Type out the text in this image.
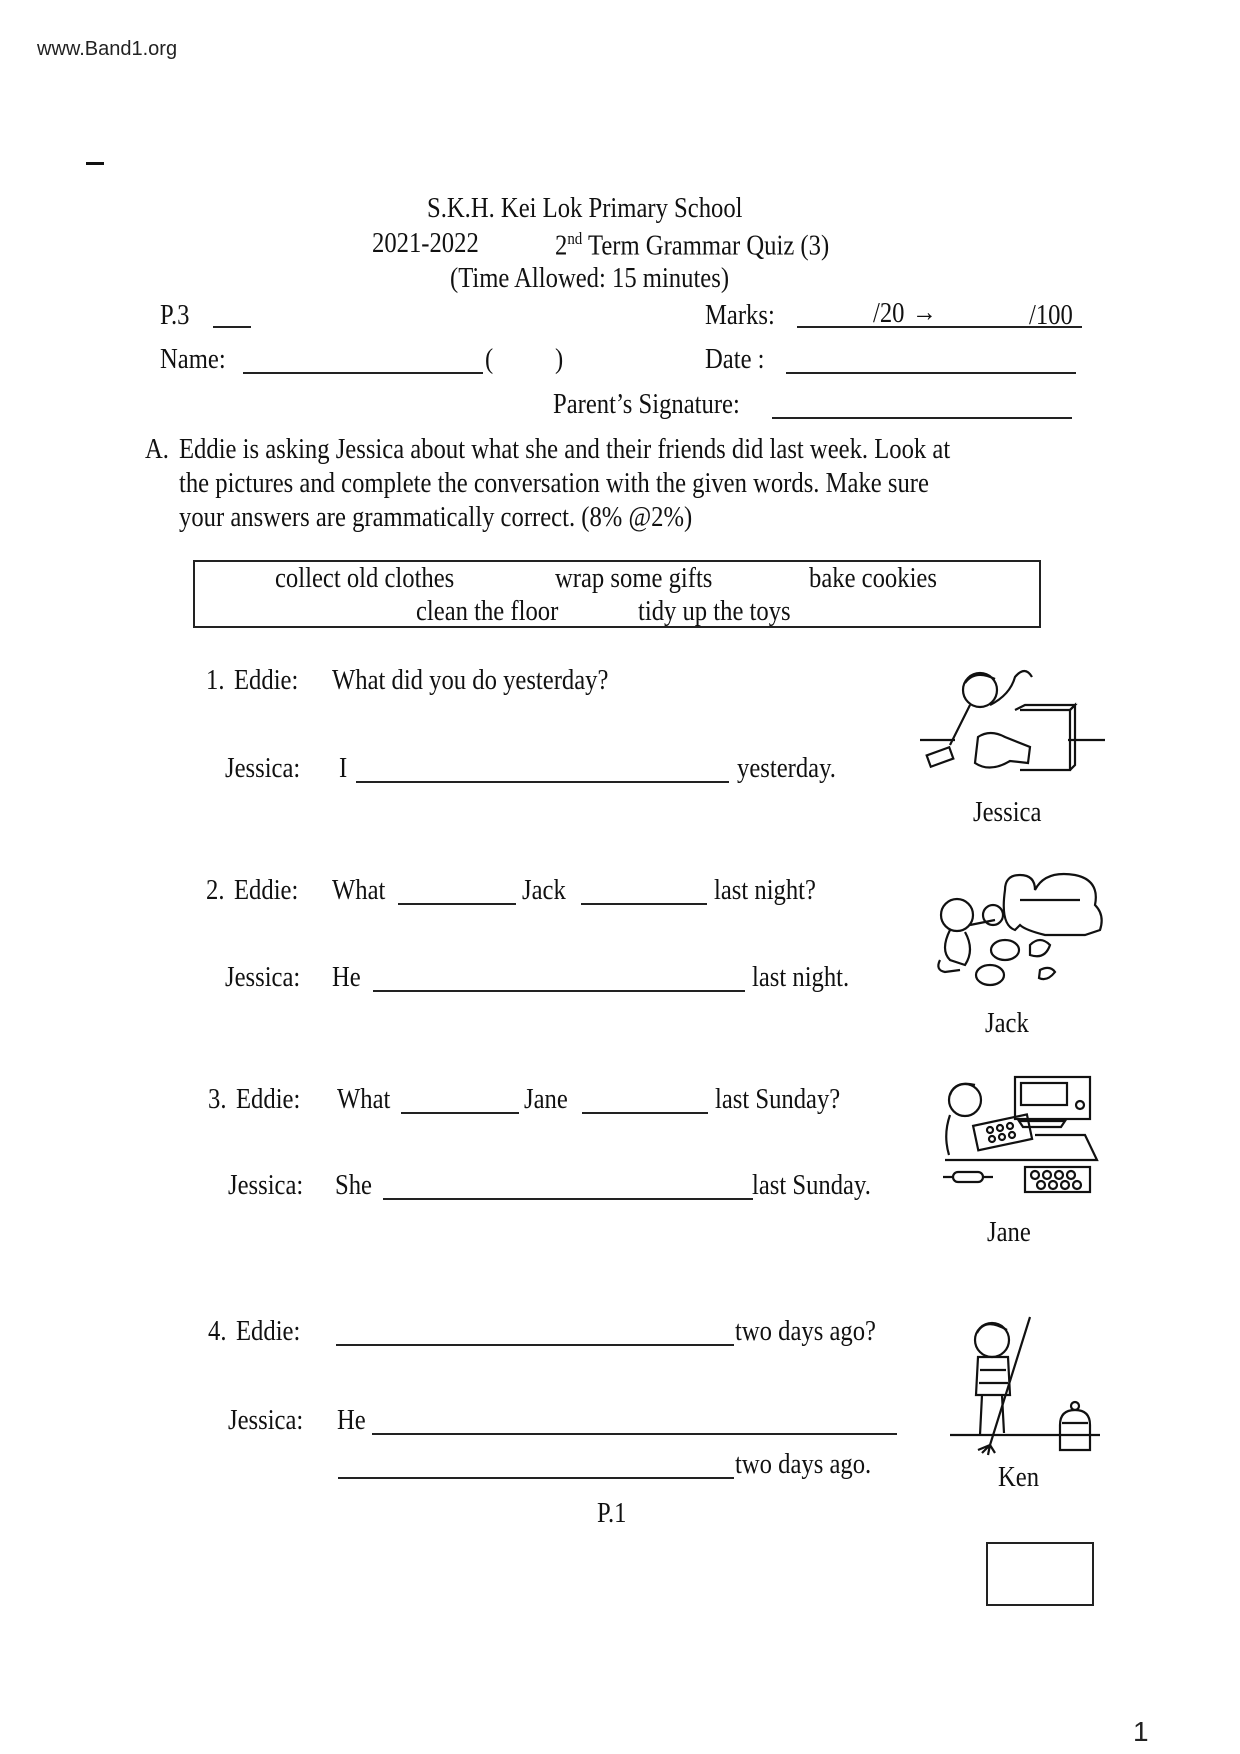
www.Band1.org
S.K.H. Kei Lok Primary School
2021-2022	2nd Term Grammar Quiz (3)
(Time Allowed: 15 minutes)
P.3	Marks:	/20 →	/100
Name:	( )	Date :
Parent’s Signature:
A. Eddie is asking Jessica about what she and their friends did last week. Look at
the pictures and complete the conversation with the given words. Make sure
your answers are grammatically correct. (8% @2%)
collect old clothes	wrap some gifts	bake cookies
clean the floor	tidy up the toys
1. Eddie: What did you do yesterday?
Jessica: I	yesterday.
Jessica
2. Eddie: What	Jack	last night?
Jessica: He	last night.
Jack
3. Eddie: What	Jane	last Sunday?
Jessica: She	last Sunday.
Jane
4. Eddie:	two days ago?
Jessica: He
two days ago.	Ken
P.1
1
